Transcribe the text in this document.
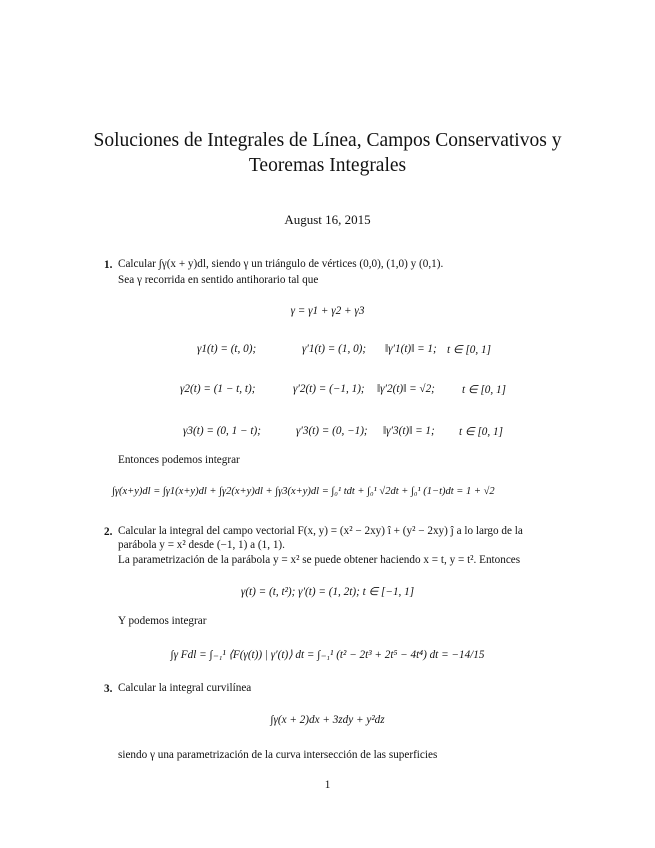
Soluciones de Integrales de Línea, Campos Conservativos y Teoremas Integrales
August 16, 2015
1. Calcular ∫γ(x + y)dl, siendo γ un triángulo de vértices (0,0), (1,0) y (0,1).
Sea γ recorrida en sentido antihorario tal que
γ = γ1 + γ2 + γ3
γ1(t) = (t, 0);	γ′1(t) = (1, 0); ‖γ′1(t)‖ = 1; t ∈ [0, 1]
γ2(t) = (1 − t, t);	γ′2(t) = (−1, 1); ‖γ′2(t)‖ = √2; t ∈ [0, 1]
γ3(t) = (0, 1 − t);	γ′3(t) = (0, −1); ‖γ′3(t)‖ = 1; t ∈ [0, 1]
Entonces podemos integrar
∫γ(x+y)dl = ∫γ1(x+y)dl + ∫γ2(x+y)dl + ∫γ3(x+y)dl = ∫₀¹ tdt + ∫₀¹ √2dt + ∫₀¹ (1−t)dt = 1 + √2
2. Calcular la integral del campo vectorial F(x, y) = (x² − 2xy) î + (y² − 2xy) ĵ a lo largo de la
parábola y = x² desde (−1, 1) a (1, 1).
La parametrización de la parábola y = x² se puede obtener haciendo x = t, y = t². Entonces
γ(t) = (t, t²); γ′(t) = (1, 2t); t ∈ [−1, 1]
Y podemos integrar
∫γ Fdl = ∫₋₁¹ ⟨F(γ(t)) | γ′(t)⟩ dt = ∫₋₁¹ (t² − 2t³ + 2t⁵ − 4t⁴) dt = −14/15
3. Calcular la integral curvilínea
∫γ(x + 2)dx + 3zdy + y²dz
siendo γ una parametrización de la curva intersección de las superficies
1
